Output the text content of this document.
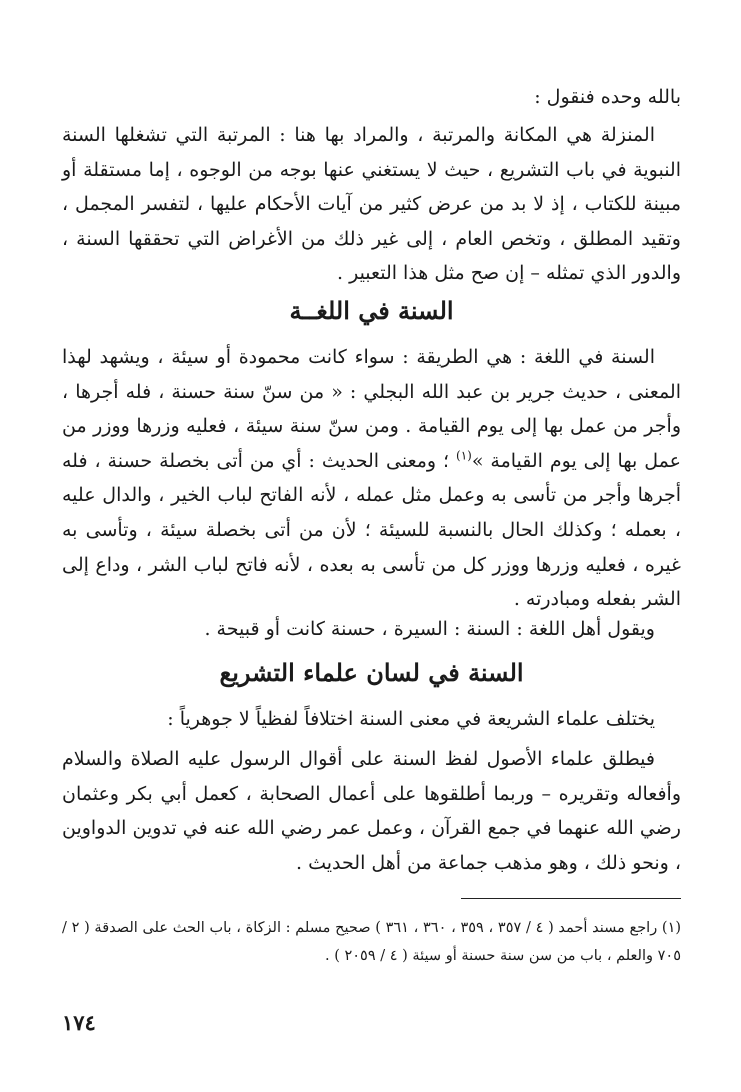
بالله وحده فنقول :

المنزلة هي المكانة والمرتبة ، والمراد بها هنا : المرتبة التي تشغلها السنة النبوية في باب التشريع ، حيث لا يستغني عنها بوجه من الوجوه ، إما مستقلة أو مبينة للكتاب ، إذ لا بد من عرض كثير من آيات الأحكام عليها ، لتفسر المجمل ، وتقيد المطلق ، وتخص العام ، إلى غير ذلك من الأغراض التي تحققها السنة ، والدور الذي تمثله – إن صح مثل هذا التعبير .

السنة في اللغــة

السنة في اللغة : هي الطريقة : سواء كانت محمودة أو سيئة ، ويشهد لهذا المعنى ، حديث جرير بن عبد الله البجلي : « من سنّ سنة حسنة ، فله أجرها ، وأجر من عمل بها إلى يوم القيامة . ومن سنّ سنة سيئة ، فعليه وزرها ووزر من عمل بها إلى يوم القيامة »$^{(١)}$ ؛ ومعنى الحديث : أي من أتى بخصلة حسنة ، فله أجرها وأجر من تأسى به وعمل مثل عمله ، لأنه الفاتح لباب الخير ، والدال عليه ، بعمله ؛ وكذلك الحال بالنسبة للسيئة ؛ لأن من أتى بخصلة سيئة ، وتأسى به غيره ، فعليه وزرها ووزر كل من تأسى به بعده ، لأنه فاتح لباب الشر ، وداع إلى الشر بفعله ومبادرته .

ويقول أهل اللغة : السنة : السيرة ، حسنة كانت أو قبيحة .

السنة في لسان علماء التشريع

يختلف علماء الشريعة في معنى السنة اختلافاً لفظياً لا جوهرياً :

فيطلق علماء الأصول لفظ السنة على أقوال الرسول عليه الصلاة والسلام وأفعاله وتقريره – وربما أطلقوها على أعمال الصحابة ، كعمل أبي بكر وعثمان رضي الله عنهما في جمع القرآن ، وعمل عمر رضي الله عنه في تدوين الدواوين ، ونحو ذلك ، وهو مذهب جماعة من أهل الحديث .

(١) راجع مسند أحمد ( ٤ / ٣٥٧ ، ٣٥٩ ، ٣٦٠ ، ٣٦١ ) صحيح مسلم : الزكاة ، باب الحث على الصدقة ( ٢ / ٧٠٥ والعلم ، باب من سن سنة حسنة أو سيئة ( ٤ / ٢٠٥٩ ) .

١٧٤
